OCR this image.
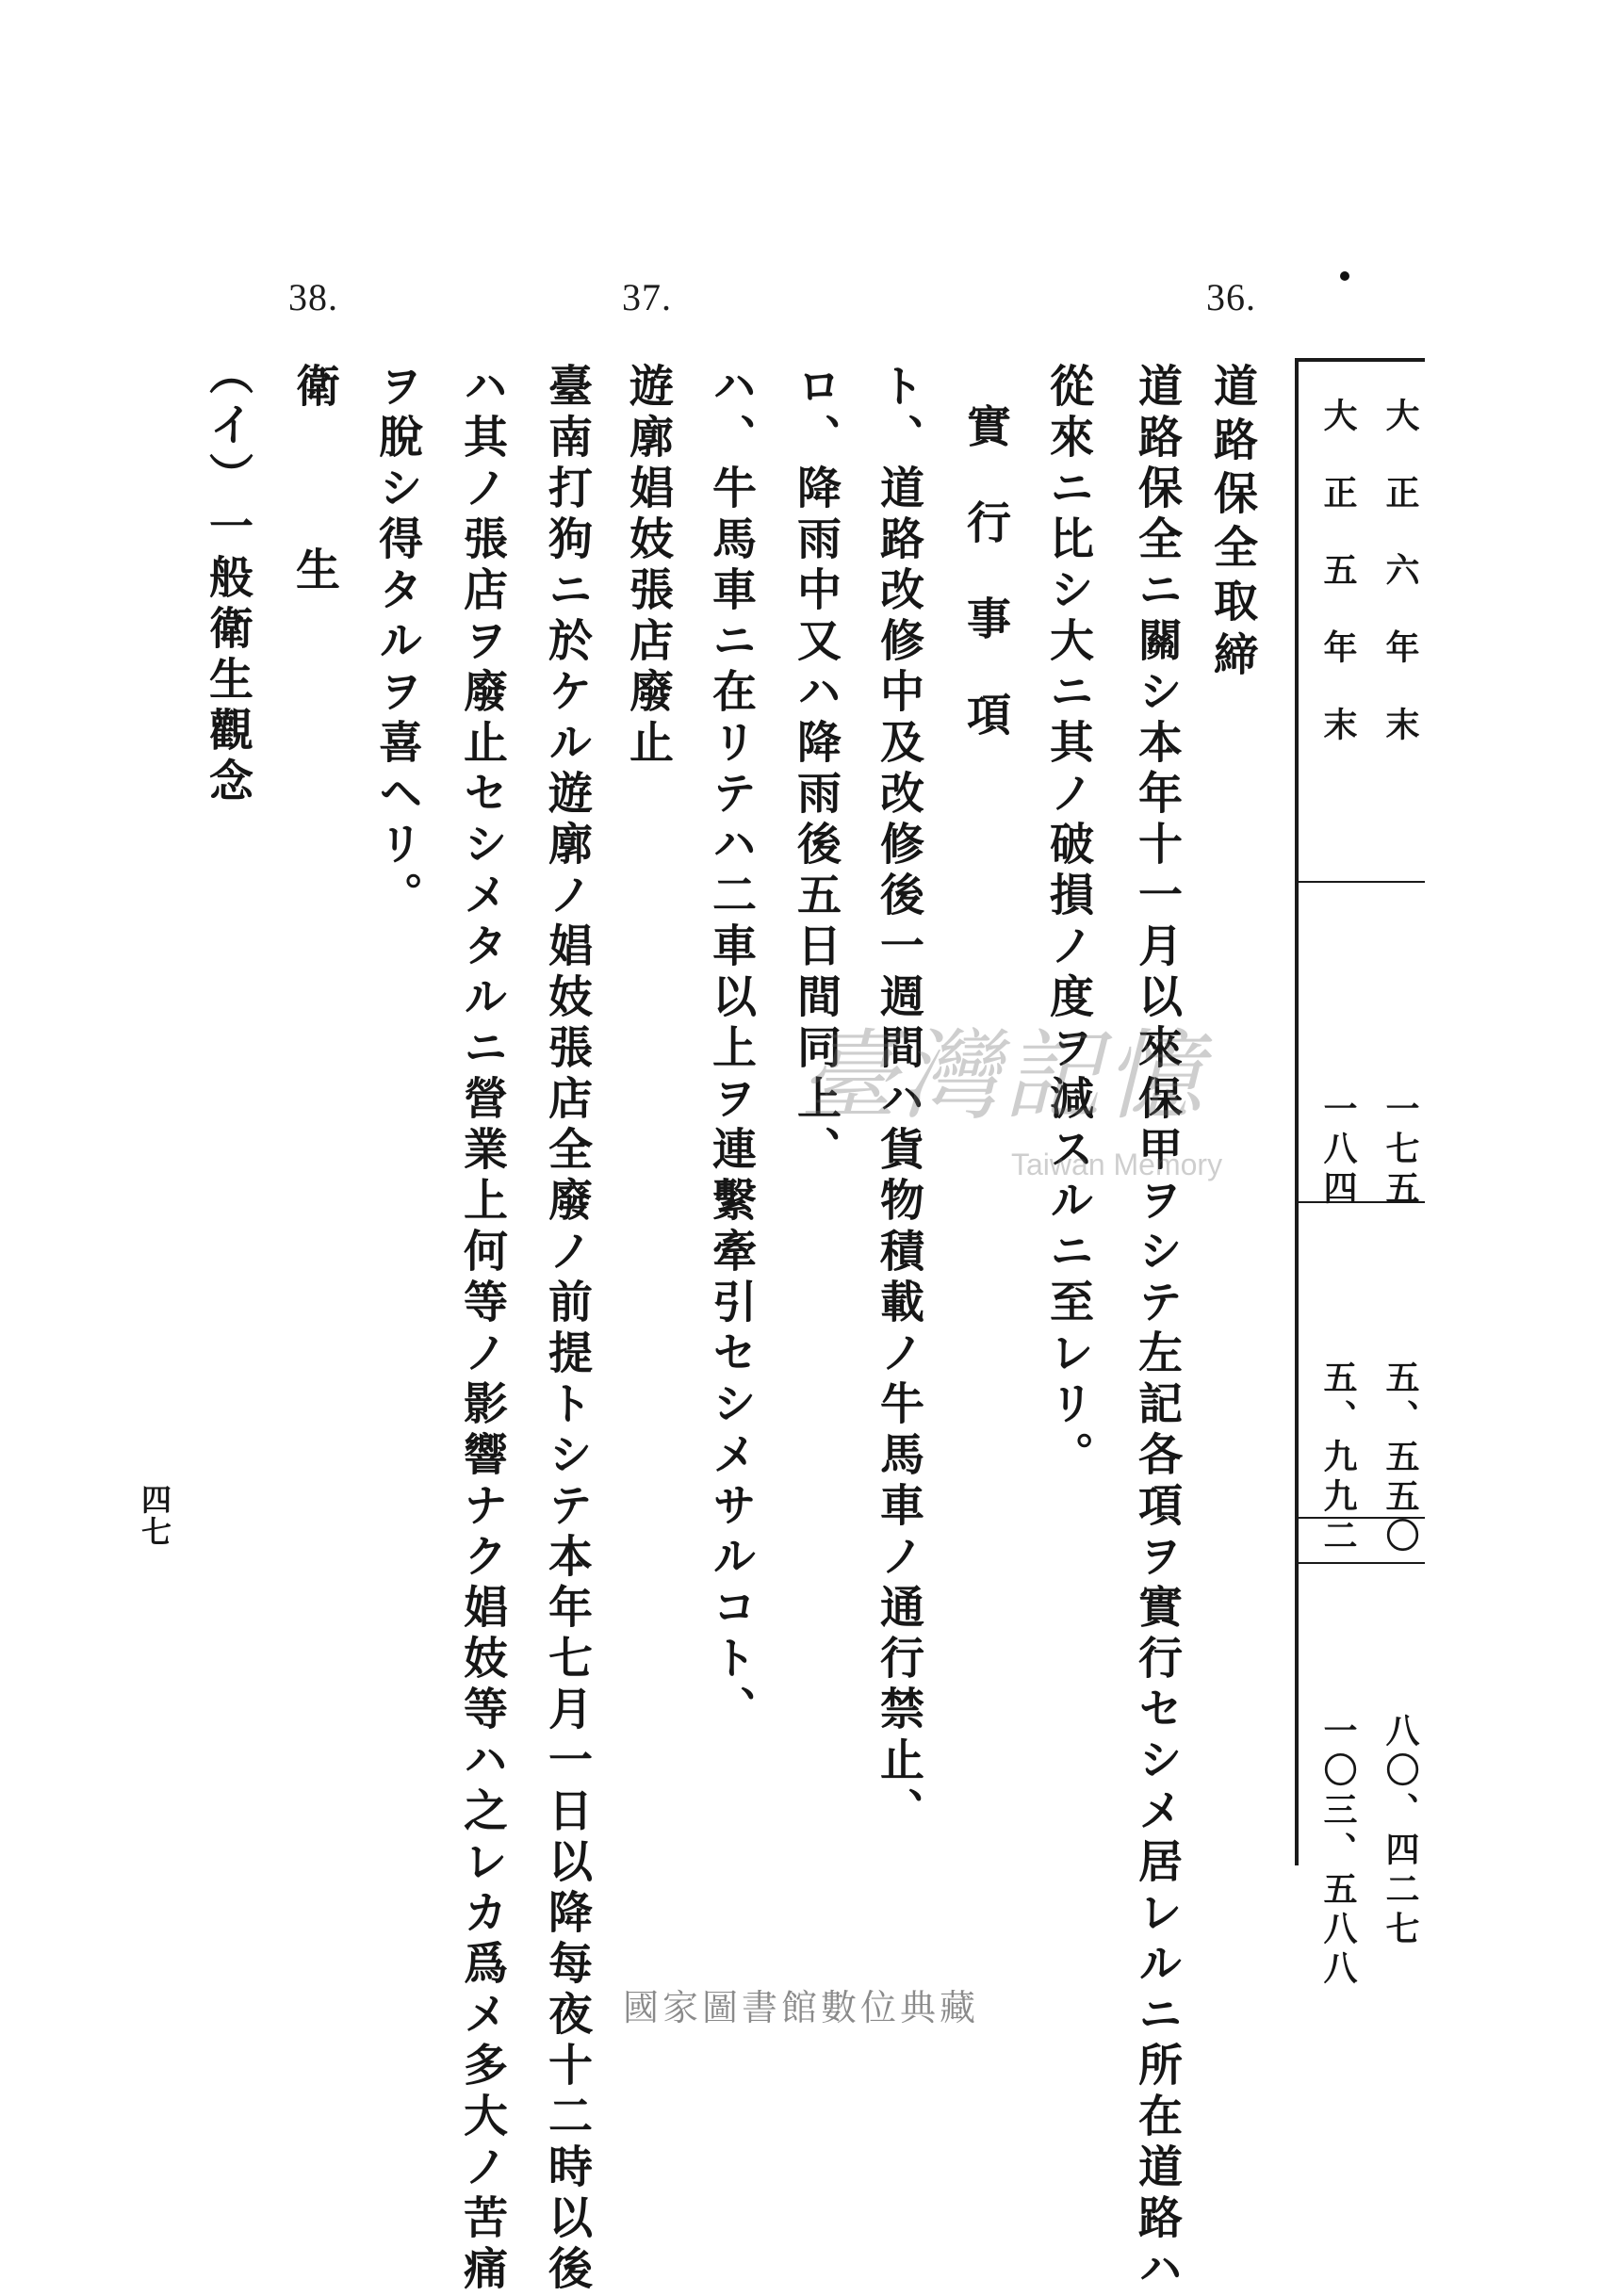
大正六年末
大正五年末
一七五
一八四
五、五五〇
五、九九二
八〇、四二七
一〇三、五八八
36.
37.
38.
道路保全取締
道路保全ニ關シ本年十一月以來保甲ヲシテ左記各項ヲ實行セシメ居レルニ所在道路ハ
從來ニ比シ大ニ其ノ破損ノ度ヲ減スルニ至レリ。
實　行　事　項
ト、道路改修中及改修後一週間ハ貨物積載ノ牛馬車ノ通行禁止、
ロ、降雨中又ハ降雨後五日間同上、
ハ、牛馬車ニ在リテハ二車以上ヲ連繫牽引セシメサルコト、
遊廓娼妓張店廢止
臺南打狗ニ於ケル遊廓ノ娼妓張店全廢ノ前提トシテ本年七月一日以降每夜十二時以後
ハ其ノ張店ヲ廢止セシメタルニ營業上何等ノ影響ナク娼妓等ハ之レカ爲メ多大ノ苦痛
ヲ脫シ得タルヲ喜ヘリ。
衛　　生
（イ）一般衛生觀念
四七
臺灣記憶
Taiwan Memory
國家圖書館數位典藏
